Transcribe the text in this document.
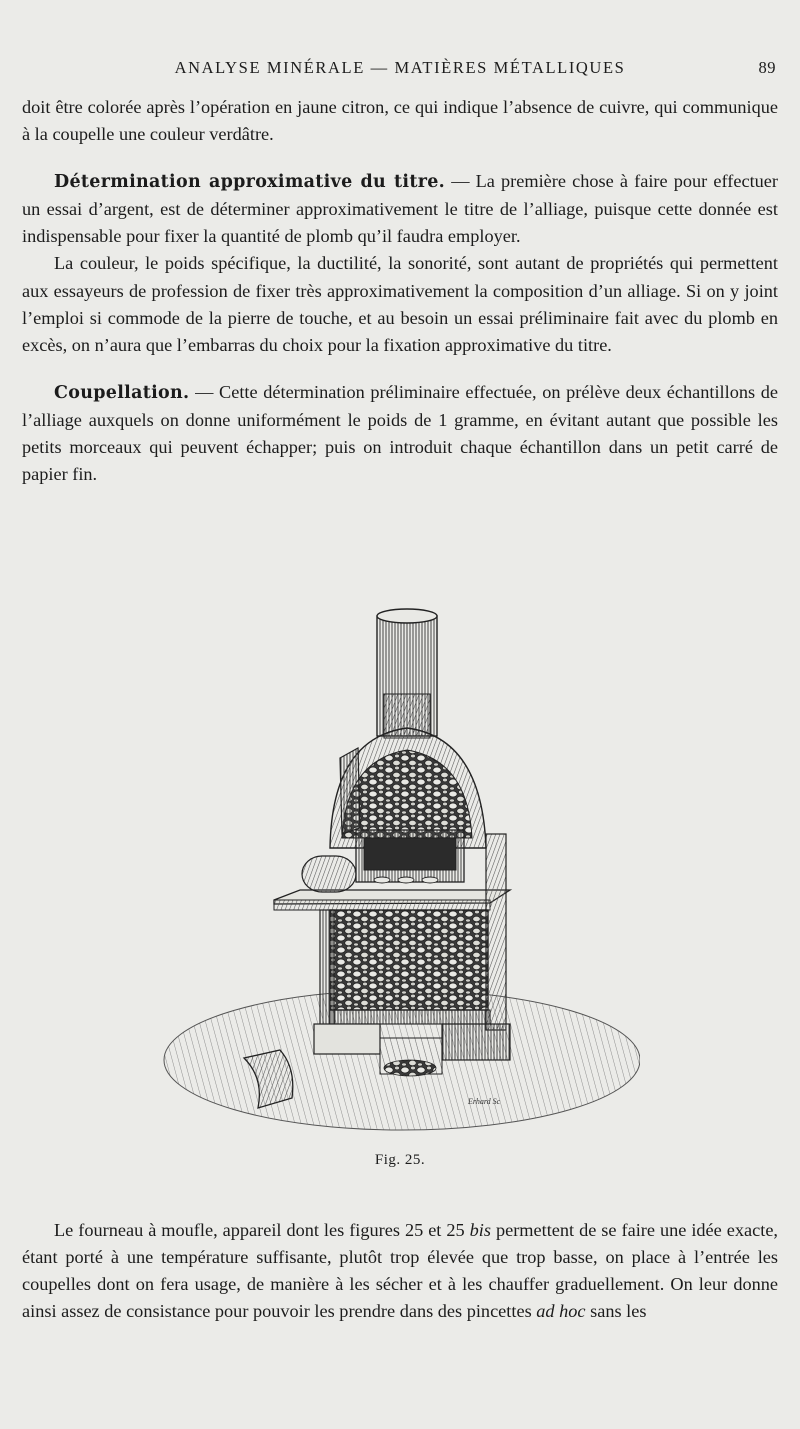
ANALYSE MINÉRALE — MATIÈRES MÉTALLIQUES	89

doit être colorée après l’opération en jaune citron, ce qui indique l’absence de cuivre, qui communique à la coupelle une couleur verdâtre.

Détermination approximative du titre. — La première chose à faire pour effectuer un essai d’argent, est de déterminer approximativement le titre de l’alliage, puisque cette donnée est indispensable pour fixer la quantité de plomb qu’il faudra employer.

La couleur, le poids spécifique, la ductilité, la sonorité, sont autant de propriétés qui permettent aux essayeurs de profession de fixer très approximativement la composition d’un alliage. Si on y joint l’emploi si commode de la pierre de touche, et au besoin un essai préliminaire fait avec du plomb en excès, on n’aura que l’embarras du choix pour la fixation approximative du titre.

Coupellation. — Cette détermination préliminaire effectuée, on prélève deux échantillons de l’alliage auxquels on donne uniformément le poids de 1 gramme, en évitant autant que possible les petits morceaux qui peuvent échapper; puis on introduit chaque échantillon dans un petit carré de papier fin.

Erhard Sc
Fig. 25.

Le fourneau à moufle, appareil dont les figures 25 et 25 bis permettent de se faire une idée exacte, étant porté à une température suffisante, plutôt trop élevée que trop basse, on place à l’entrée les coupelles dont on fera usage, de manière à les sécher et à les chauffer graduellement. On leur donne ainsi assez de consistance pour pouvoir les prendre dans des pincettes ad hoc sans les
